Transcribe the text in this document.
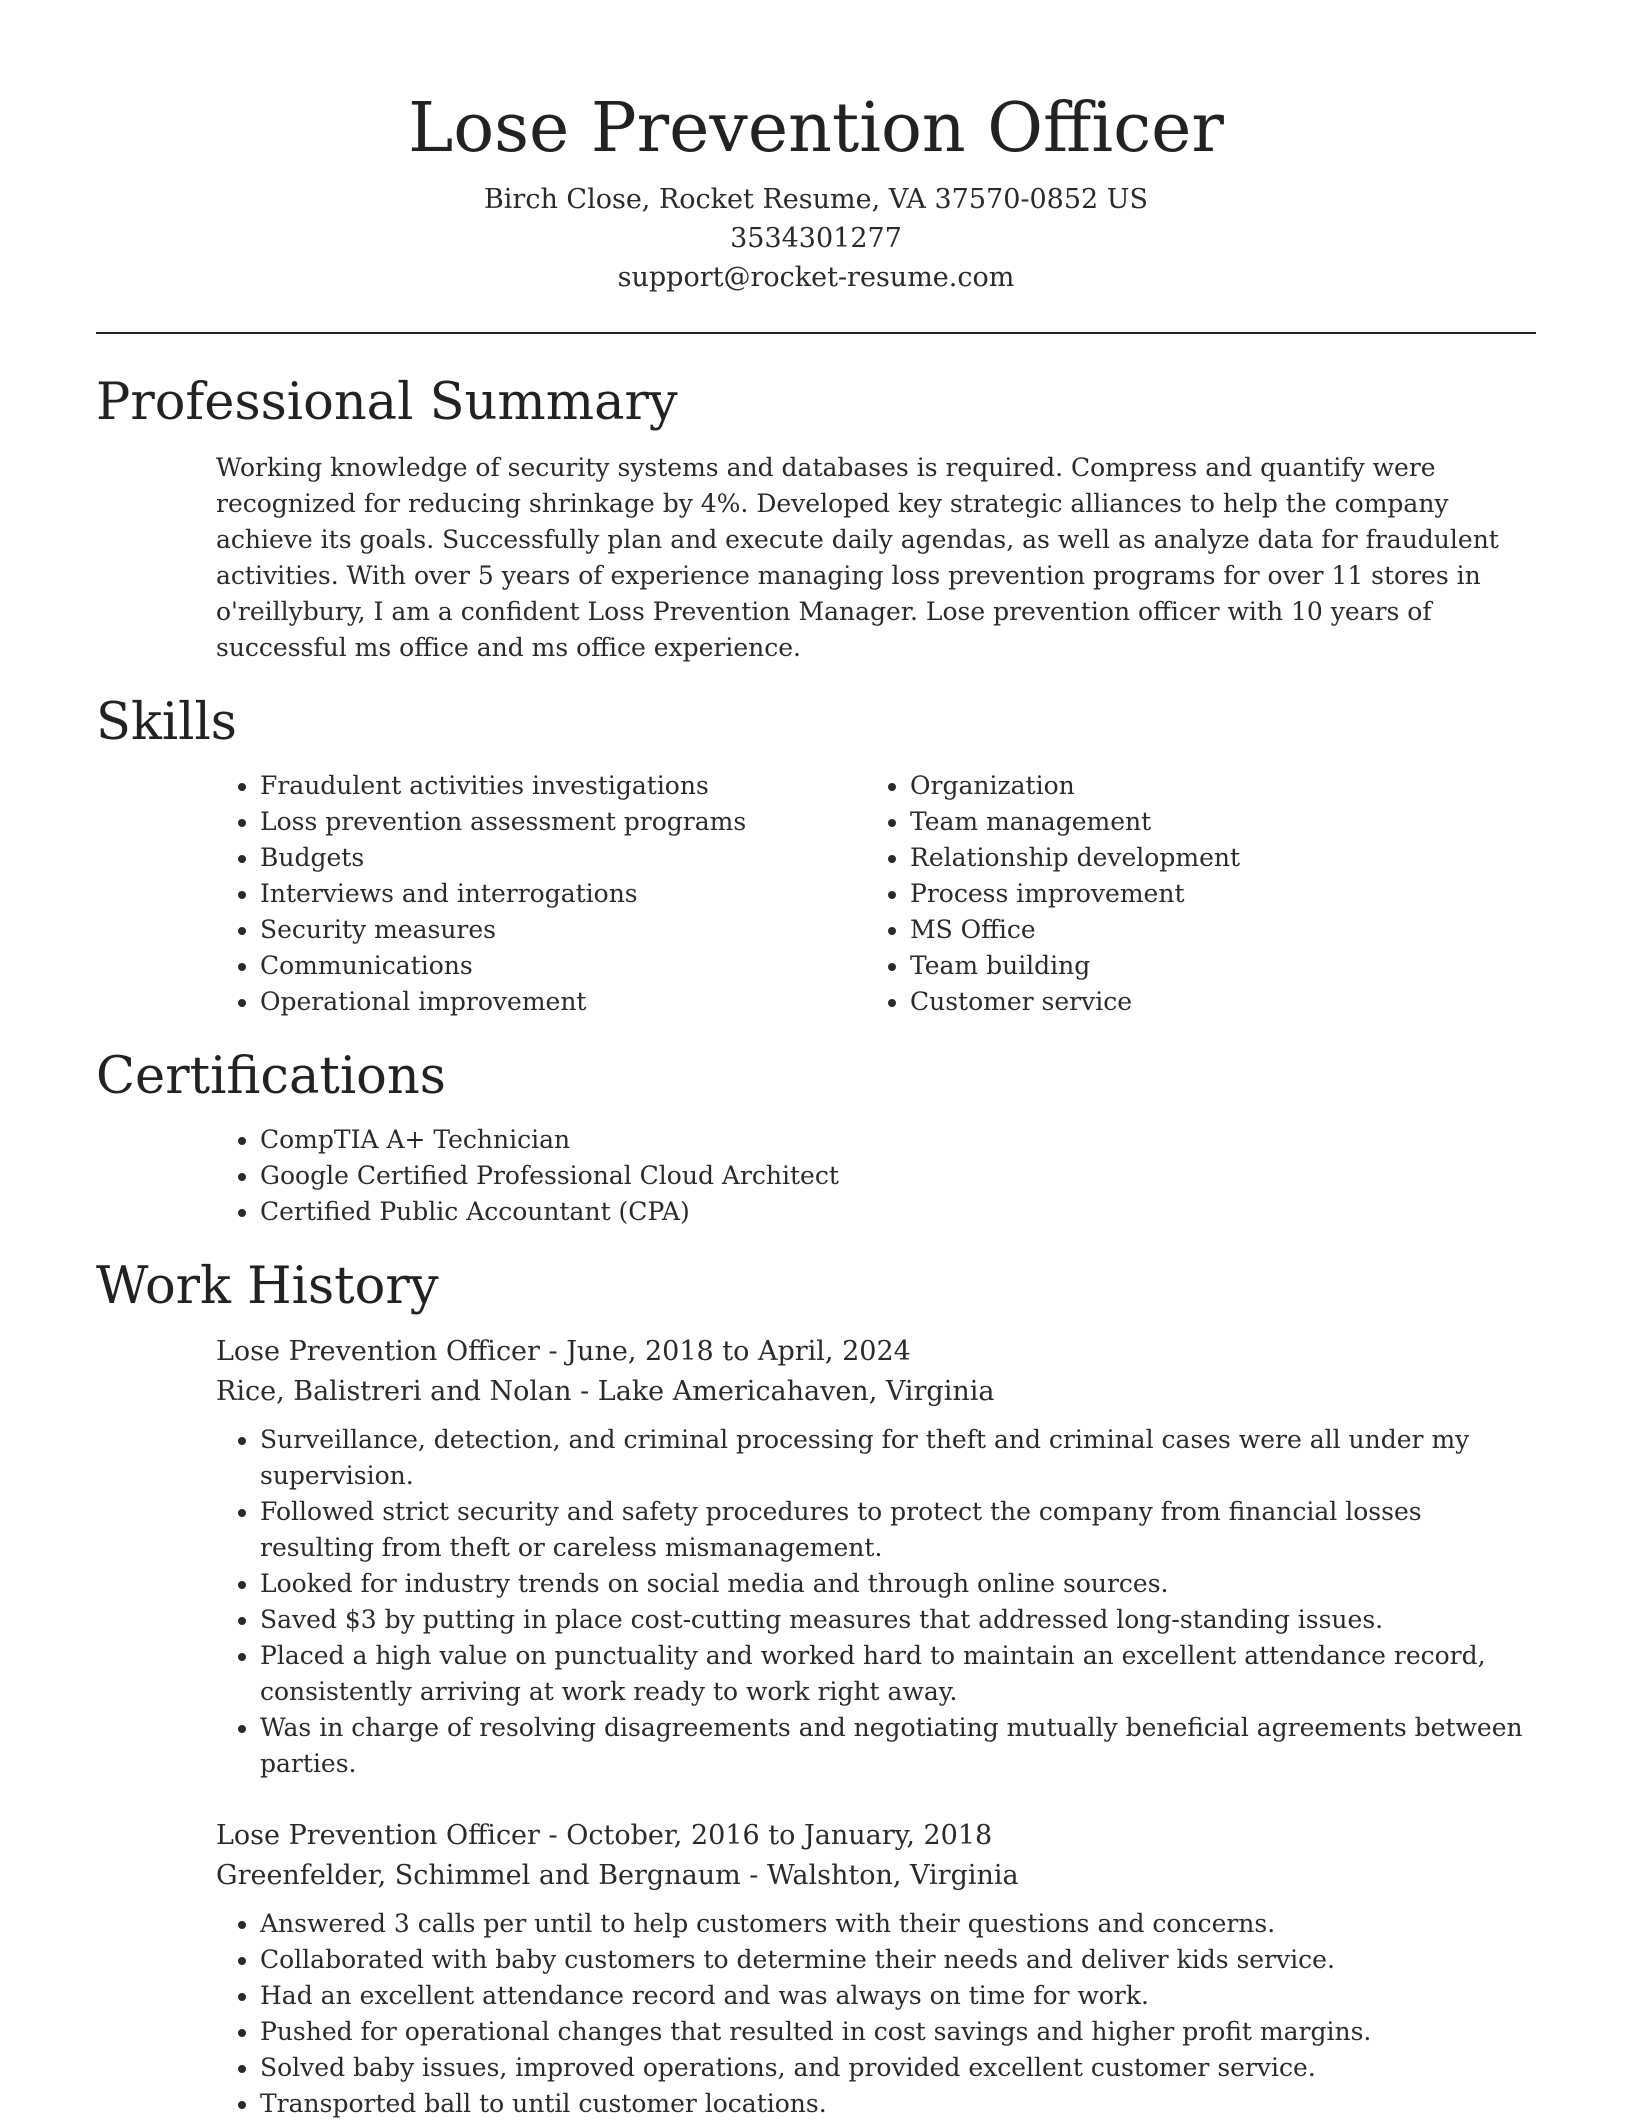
Lose Prevention Officer
Birch Close, Rocket Resume, VA 37570-0852 US
3534301277
support@rocket-resume.com
Professional Summary
Working knowledge of security systems and databases is required. Compress and quantify were recognized for reducing shrinkage by 4%. Developed key strategic alliances to help the company achieve its goals. Successfully plan and execute daily agendas, as well as analyze data for fraudulent activities. With over 5 years of experience managing loss prevention programs for over 11 stores in o'reillybury, I am a confident Loss Prevention Manager. Lose prevention officer with 10 years of successful ms office and ms office experience.
Skills
• Fraudulent activities investigations
• Loss prevention assessment programs
• Budgets
• Interviews and interrogations
• Security measures
• Communications
• Operational improvement
• Organization
• Team management
• Relationship development
• Process improvement
• MS Office
• Team building
• Customer service
Certifications
• CompTIA A+ Technician
• Google Certified Professional Cloud Architect
• Certified Public Accountant (CPA)
Work History
Lose Prevention Officer - June, 2018 to April, 2024
Rice, Balistreri and Nolan - Lake Americahaven, Virginia
• Surveillance, detection, and criminal processing for theft and criminal cases were all under my supervision.
• Followed strict security and safety procedures to protect the company from financial losses resulting from theft or careless mismanagement.
• Looked for industry trends on social media and through online sources.
• Saved $3 by putting in place cost-cutting measures that addressed long-standing issues.
• Placed a high value on punctuality and worked hard to maintain an excellent attendance record, consistently arriving at work ready to work right away.
• Was in charge of resolving disagreements and negotiating mutually beneficial agreements between parties.
Lose Prevention Officer - October, 2016 to January, 2018
Greenfelder, Schimmel and Bergnaum - Walshton, Virginia
• Answered 3 calls per until to help customers with their questions and concerns.
• Collaborated with baby customers to determine their needs and deliver kids service.
• Had an excellent attendance record and was always on time for work.
• Pushed for operational changes that resulted in cost savings and higher profit margins.
• Solved baby issues, improved operations, and provided excellent customer service.
• Transported ball to until customer locations.
